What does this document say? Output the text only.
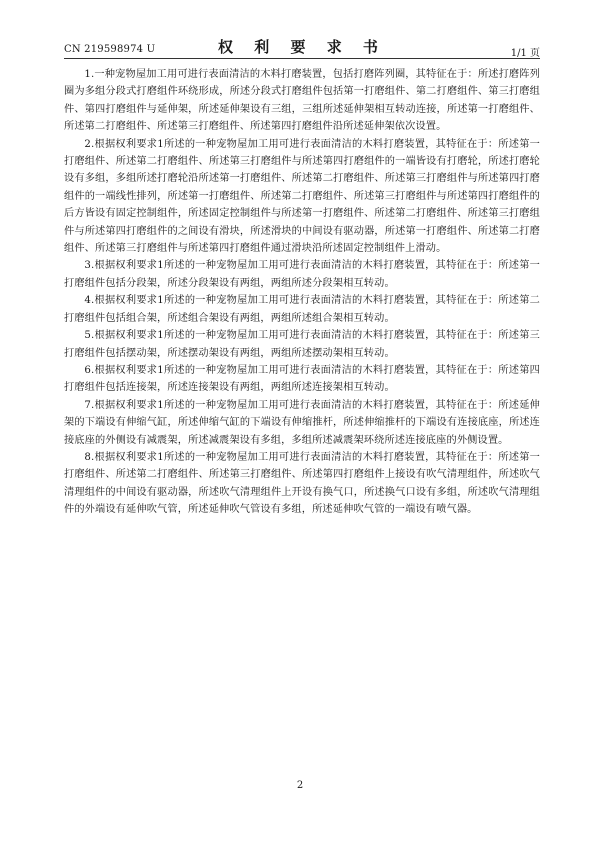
CN 219598974 U	权 利 要 求 书	1/1 页

1.一种宠物屋加工用可进行表面清洁的木料打磨装置，包括打磨阵列圈，其特征在于：所述打磨阵列圈为多组分段式打磨组件环绕形成，所述分段式打磨组件包括第一打磨组件、第二打磨组件、第三打磨组件、第四打磨组件与延伸架，所述延伸架设有三组，三组所述延伸架相互转动连接，所述第一打磨组件、所述第二打磨组件、所述第三打磨组件、所述第四打磨组件沿所述延伸架依次设置。

2.根据权利要求1所述的一种宠物屋加工用可进行表面清洁的木料打磨装置，其特征在于：所述第一打磨组件、所述第二打磨组件、所述第三打磨组件与所述第四打磨组件的一端皆设有打磨轮，所述打磨轮设有多组，多组所述打磨轮沿所述第一打磨组件、所述第二打磨组件、所述第三打磨组件与所述第四打磨组件的一端线性排列，所述第一打磨组件、所述第二打磨组件、所述第三打磨组件与所述第四打磨组件的后方皆设有固定控制组件，所述固定控制组件与所述第一打磨组件、所述第二打磨组件、所述第三打磨组件与所述第四打磨组件的之间设有滑块，所述滑块的中间设有驱动器，所述第一打磨组件、所述第二打磨组件、所述第三打磨组件与所述第四打磨组件通过滑块沿所述固定控制组件上滑动。

3.根据权利要求1所述的一种宠物屋加工用可进行表面清洁的木料打磨装置，其特征在于：所述第一打磨组件包括分段架，所述分段架设有两组，两组所述分段架相互转动。

4.根据权利要求1所述的一种宠物屋加工用可进行表面清洁的木料打磨装置，其特征在于：所述第二打磨组件包括组合架，所述组合架设有两组，两组所述组合架相互转动。

5.根据权利要求1所述的一种宠物屋加工用可进行表面清洁的木料打磨装置，其特征在于：所述第三打磨组件包括摆动架，所述摆动架设有两组，两组所述摆动架相互转动。

6.根据权利要求1所述的一种宠物屋加工用可进行表面清洁的木料打磨装置，其特征在于：所述第四打磨组件包括连接架，所述连接架设有两组，两组所述连接架相互转动。

7.根据权利要求1所述的一种宠物屋加工用可进行表面清洁的木料打磨装置，其特征在于：所述延伸架的下端设有伸缩气缸，所述伸缩气缸的下端设有伸缩推杆，所述伸缩推杆的下端设有连接底座，所述连接底座的外侧设有减震架，所述减震架设有多组，多组所述减震架环绕所述连接底座的外侧设置。

8.根据权利要求1所述的一种宠物屋加工用可进行表面清洁的木料打磨装置，其特征在于：所述第一打磨组件、所述第二打磨组件、所述第三打磨组件、所述第四打磨组件上接设有吹气清理组件，所述吹气清理组件的中间设有驱动器，所述吹气清理组件上开设有换气口，所述换气口设有多组，所述吹气清理组件的外端设有延伸吹气管，所述延伸吹气管设有多组，所述延伸吹气管的一端设有喷气器。

2
